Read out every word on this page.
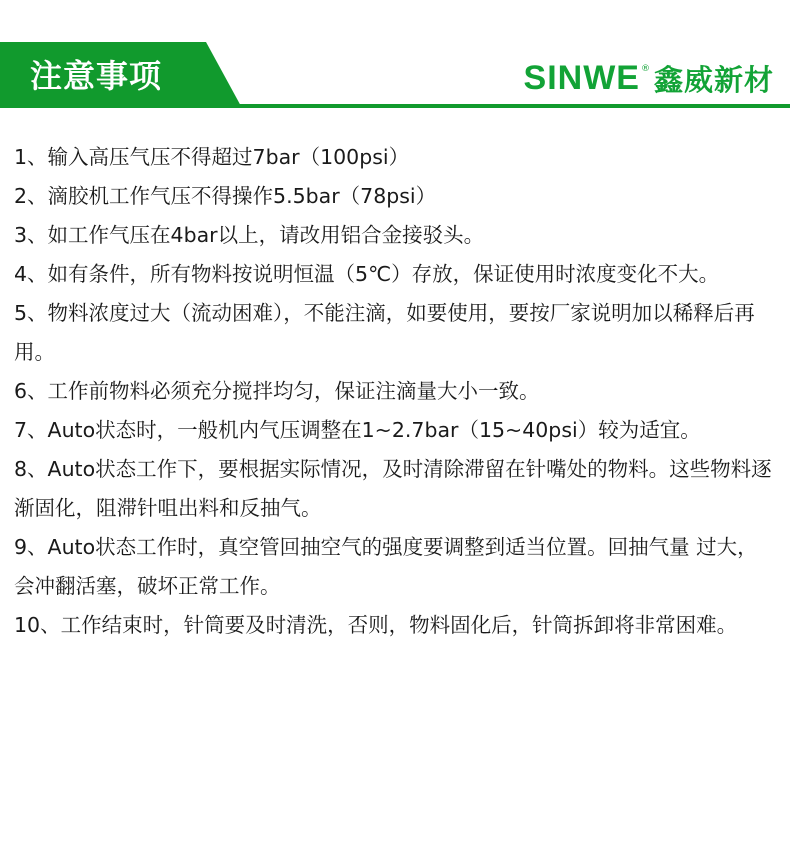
注意事项	SINWE ® 鑫威新材
1、输入高压气压不得超过7bar（100psi）
2、滴胶机工作气压不得操作5.5bar（78psi）
3、如工作气压在4bar以上，请改用铝合金接驳头。
4、如有条件，所有物料按说明恒温（5℃）存放，保证使用时浓度变化不大。
5、物料浓度过大（流动困难），不能注滴，如要使用，要按厂家说明加以稀释后再用。
6、工作前物料必须充分搅拌均匀，保证注滴量大小一致。
7、Auto状态时，一般机内气压调整在1~2.7bar（15~40psi）较为适宜。
8、Auto状态工作下，要根据实际情况，及时清除滞留在针嘴处的物料。这些物料逐渐固化，阻滞针咀出料和反抽气。
9、Auto状态工作时，真空管回抽空气的强度要调整到适当位置。回抽气量 过大，会冲翻活塞，破坏正常工作。
10、工作结束时，针筒要及时清洗，否则，物料固化后，针筒拆卸将非常困难。
